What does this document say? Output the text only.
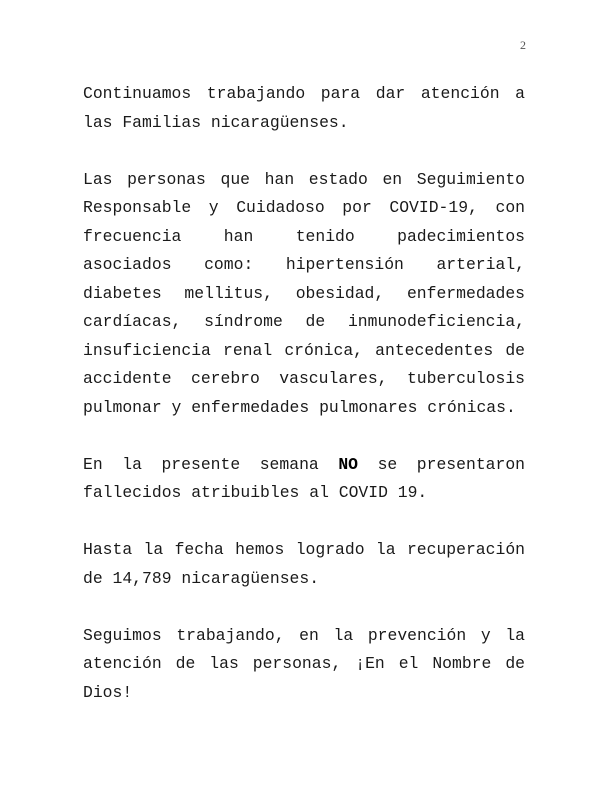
2

Continuamos trabajando para dar atención a las Familias nicaragüenses.

Las personas que han estado en Seguimiento Responsable y Cuidadoso por COVID-19, con frecuencia han tenido padecimientos asociados como: hipertensión arterial, diabetes mellitus, obesidad, enfermedades cardíacas, síndrome de inmunodeficiencia, insuficiencia renal crónica, antecedentes de accidente cerebro vasculares, tuberculosis pulmonar y enfermedades pulmonares crónicas.

En la presente semana NO se presentaron fallecidos atribuibles al COVID 19.

Hasta la fecha hemos logrado la recuperación de 14,789 nicaragüenses.

Seguimos trabajando, en la prevención y la atención de las personas, ¡En el Nombre de Dios!
